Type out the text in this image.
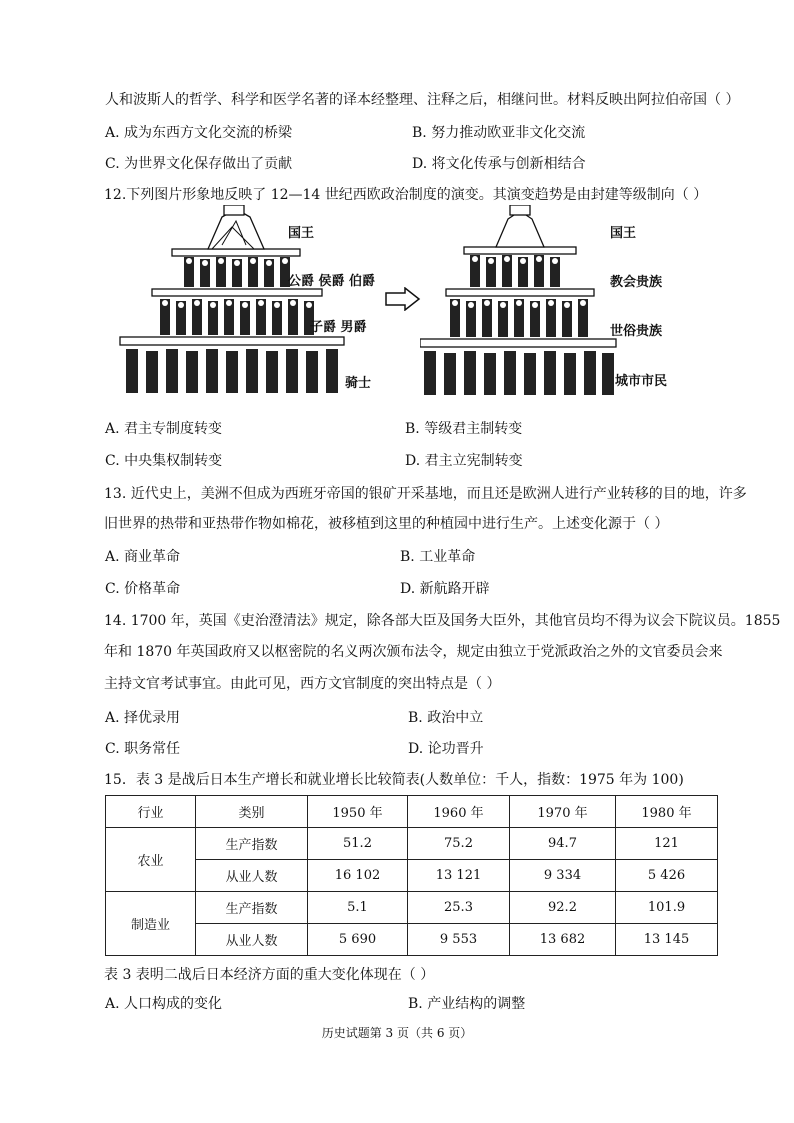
人和波斯人的哲学、科学和医学名著的译本经整理、注释之后，相继问世。材料反映出阿拉伯帝国（ ）
A. 成为东西方文化交流的桥梁	B. 努力推动欧亚非文化交流
C. 为世界文化保存做出了贡献	D. 将文化传承与创新相结合
12.下列图片形象地反映了 12—14 世纪西欧政治制度的演变。其演变趋势是由封建等级制向（ ）
国王
公爵 侯爵 伯爵
子爵 男爵
骑士
国王
教会贵族
世俗贵族
城市市民
A. 君主专制度转变	B. 等级君主制转变
C. 中央集权制转变	D. 君主立宪制转变
13. 近代史上，美洲不但成为西班牙帝国的银矿开采基地，而且还是欧洲人进行产业转移的目的地，许多
旧世界的热带和亚热带作物如棉花，被移植到这里的种植园中进行生产。上述变化源于（ ）
A. 商业革命	B. 工业革命
C. 价格革命	D. 新航路开辟
14. 1700 年，英国《吏治澄清法》规定，除各部大臣及国务大臣外，其他官员均不得为议会下院议员。1855
年和 1870 年英国政府又以枢密院的名义两次颁布法令，规定由独立于党派政治之外的文官委员会来
主持文官考试事宜。由此可见，西方文官制度的突出特点是（ ）
A. 择优录用	B. 政治中立
C. 职务常任	D. 论功晋升
15．表 3 是战后日本生产增长和就业增长比较简表(人数单位：千人，指数：1975 年为 100)
行业	类别	1950 年	1960 年	1970 年	1980 年
农业	生产指数	51.2	75.2	94.7	121
	从业人数	16 102	13 121	9 334	5 426
制造业	生产指数	5.1	25.3	92.2	101.9
	从业人数	5 690	9 553	13 682	13 145
表 3 表明二战后日本经济方面的重大变化体现在（ ）
A. 人口构成的变化	B. 产业结构的调整
历史试题第 3 页（共 6 页）
